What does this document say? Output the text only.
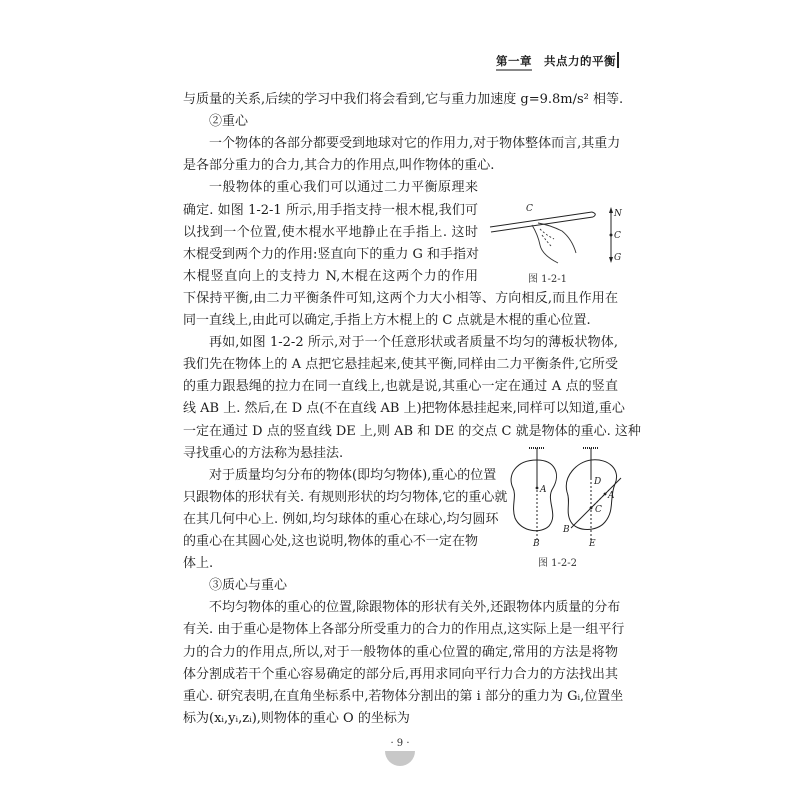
第一章 共点力的平衡
与质量的关系,后续的学习中我们将会看到,它与重力加速度 g=9.8m/s² 相等.
②重心
一个物体的各部分都要受到地球对它的作用力,对于物体整体而言,其重力
是各部分重力的合力,其合力的作用点,叫作物体的重心.
一般物体的重心我们可以通过二力平衡原理来
确定. 如图 1-2-1 所示,用手指支持一根木棍,我们可
以找到一个位置,使木棍水平地静止在手指上. 这时
木棍受到两个力的作用:竖直向下的重力 G 和手指对
木棍竖直向上的支持力 N,木棍在这两个力的作用
下保持平衡,由二力平衡条件可知,这两个力大小相等、方向相反,而且作用在
同一直线上,由此可以确定,手指上方木棍上的 C 点就是木棍的重心位置.
再如,如图 1-2-2 所示,对于一个任意形状或者质量不均匀的薄板状物体,
我们先在物体上的 A 点把它悬挂起来,使其平衡,同样由二力平衡条件,它所受
的重力跟悬绳的拉力在同一直线上,也就是说,其重心一定在通过 A 点的竖直
线 AB 上. 然后,在 D 点(不在直线 AB 上)把物体悬挂起来,同样可以知道,重心
一定在通过 D 点的竖直线 DE 上,则 AB 和 DE 的交点 C 就是物体的重心. 这种
寻找重心的方法称为悬挂法.
对于质量均匀分布的物体(即均匀物体),重心的位置
只跟物体的形状有关. 有规则形状的均匀物体,它的重心就
在其几何中心上. 例如,均匀球体的重心在球心,均匀圆环
的重心在其圆心处,这也说明,物体的重心不一定在物
体上.
③质心与重心
不均匀物体的重心的位置,除跟物体的形状有关外,还跟物体内质量的分布
有关. 由于重心是物体上各部分所受重力的合力的作用点,这实际上是一组平行
力的合力的作用点,所以,对于一般物体的重心位置的确定,常用的方法是将物
体分割成若干个重心容易确定的部分后,再用求同向平行力合力的方法找出其
重心. 研究表明,在直角坐标系中,若物体分割出的第 i 部分的重力为 Gᵢ,位置坐
标为(xᵢ,yᵢ,zᵢ),则物体的重心 O 的坐标为
C	N
C
G
图 1-2-1
A
B
D
A
C
B
E
图 1-2-2
· 9 ·
